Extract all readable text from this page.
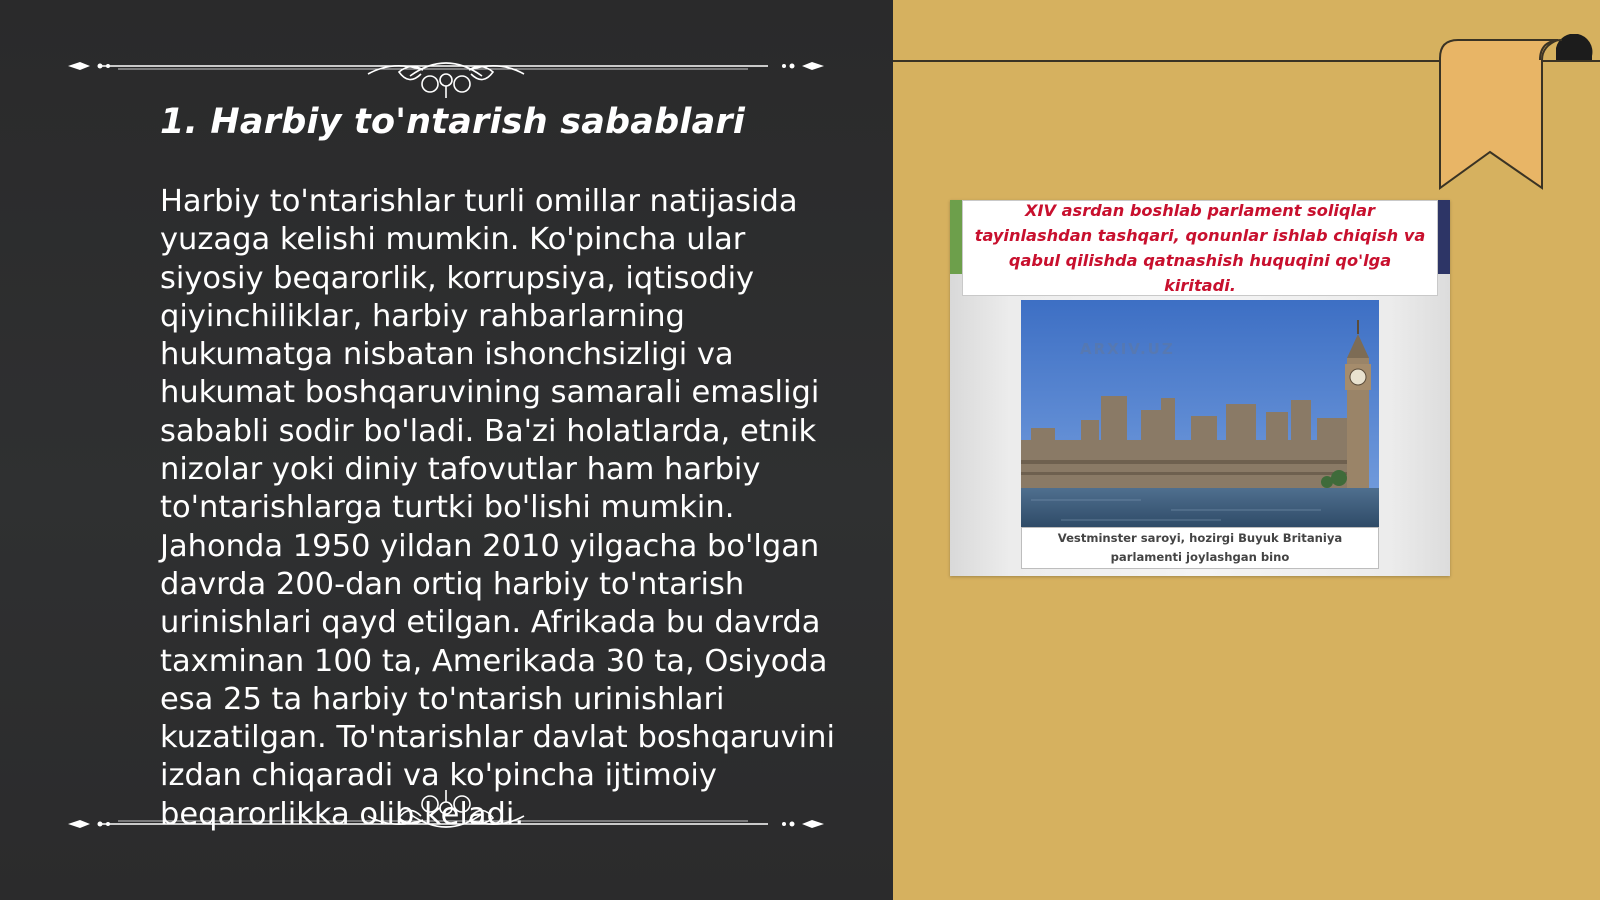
1. Harbiy to'ntarish sabablari

Harbiy to'ntarishlar turli omillar natijasida yuzaga kelishi mumkin. Ko'pincha ular siyosiy beqarorlik, korrupsiya, iqtisodiy qiyinchiliklar, harbiy rahbarlarning hukumatga nisbatan ishonchsizligi va hukumat boshqaruvining samarali emasligi sababli sodir bo'ladi. Ba'zi holatlarda, etnik nizolar yoki diniy tafovutlar ham harbiy to'ntarishlarga turtki bo'lishi mumkin. Jahonda 1950 yildan 2010 yilgacha bo'lgan davrda 200-dan ortiq harbiy to'ntarish urinishlari qayd etilgan. Afrikada bu davrda taxminan 100 ta, Amerikada 30 ta, Osiyoda esa 25 ta harbiy to'ntarish urinishlari kuzatilgan. To'ntarishlar davlat boshqaruvini izdan chiqaradi va ko'pincha ijtimoiy beqarorlikka olib keladi.

XIV asrdan boshlab parlament soliqlar tayinlashdan tashqari, qonunlar ishlab chiqish va qabul qilishda qatnashish huquqini qo'lga kiritadi.

ARXIV.UZ

Vestminster saroyi, hozirgi Buyuk Britaniya parlamenti joylashgan bino
